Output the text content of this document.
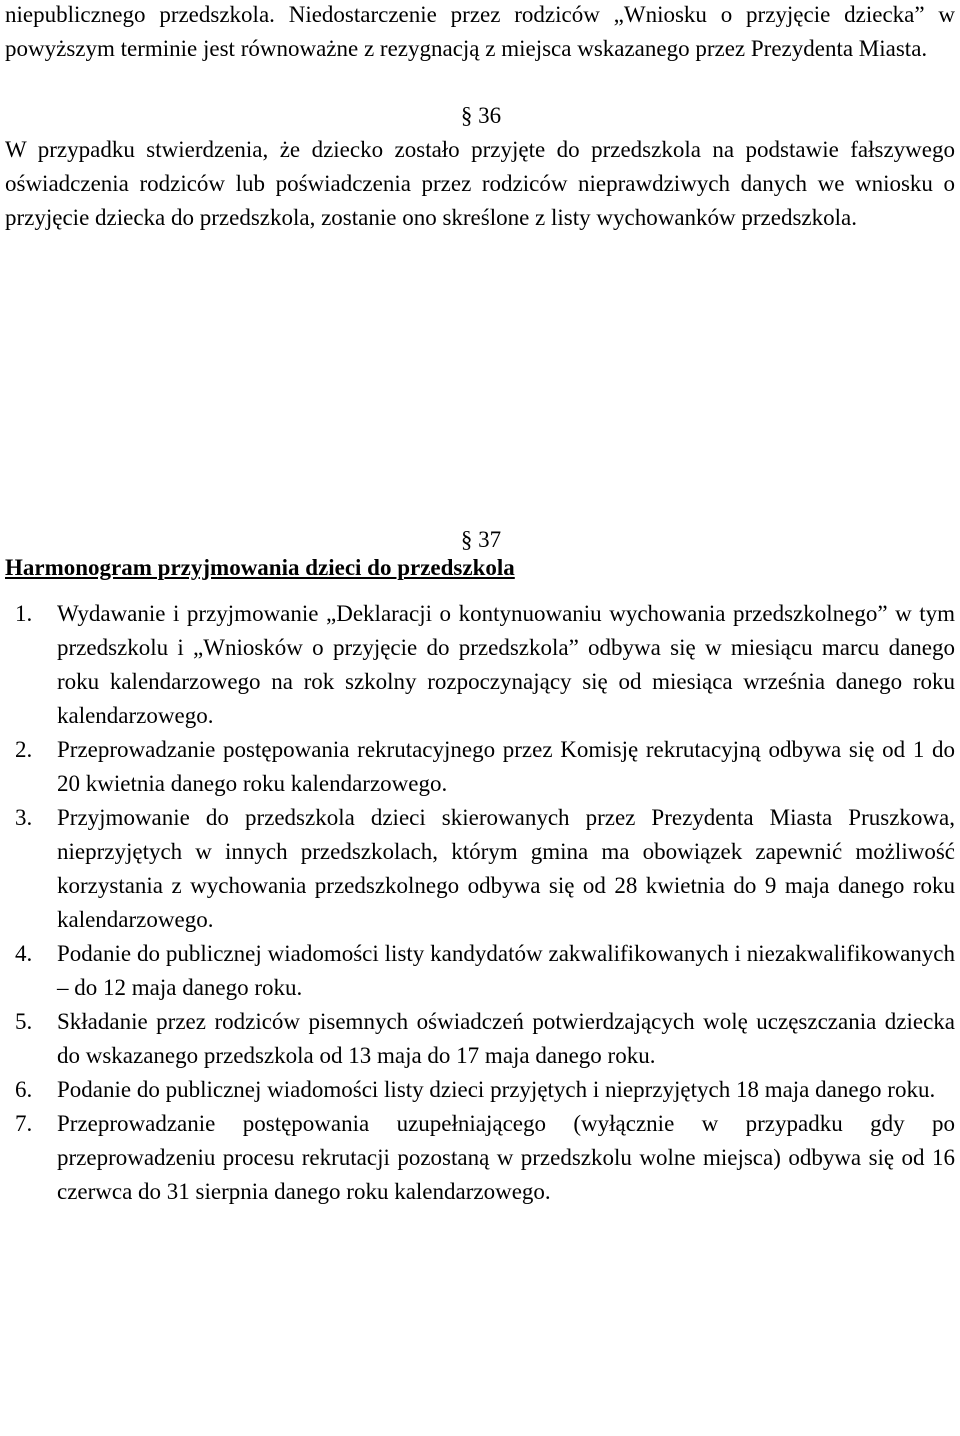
niepublicznego przedszkola. Niedostarczenie przez rodziców „Wniosku o przyjęcie dziecka” w powyższym terminie jest równoważne z rezygnacją z miejsca wskazanego przez Prezydenta Miasta.

§ 36

W przypadku stwierdzenia, że dziecko zostało przyjęte do przedszkola na podstawie fałszywego oświadczenia rodziców lub poświadczenia przez rodziców nieprawdziwych danych we wniosku o przyjęcie dziecka do przedszkola, zostanie ono skreślone z listy wychowanków przedszkola.

§ 37

Harmonogram przyjmowania dzieci do przedszkola

1. Wydawanie i przyjmowanie „Deklaracji o kontynuowaniu wychowania przedszkolnego” w tym przedszkolu i „Wniosków o przyjęcie do przedszkola” odbywa się w miesiącu marcu danego roku kalendarzowego na rok szkolny rozpoczynający się od miesiąca września danego roku kalendarzowego.
2. Przeprowadzanie postępowania rekrutacyjnego przez Komisję rekrutacyjną odbywa się od 1 do 20 kwietnia danego roku kalendarzowego.
3. Przyjmowanie do przedszkola dzieci skierowanych przez Prezydenta Miasta Pruszkowa, nieprzyjętych w innych przedszkolach, którym gmina ma obowiązek zapewnić możliwość korzystania z wychowania przedszkolnego odbywa się od 28 kwietnia do 9 maja danego roku kalendarzowego.
4. Podanie do publicznej wiadomości listy kandydatów zakwalifikowanych i niezakwalifikowanych – do 12 maja danego roku.
5. Składanie przez rodziców pisemnych oświadczeń potwierdzających wolę uczęszczania dziecka do wskazanego przedszkola od 13 maja do 17 maja danego roku.
6. Podanie do publicznej wiadomości listy dzieci przyjętych i nieprzyjętych 18 maja danego roku.
7. Przeprowadzanie postępowania uzupełniającego (wyłącznie w przypadku gdy po przeprowadzeniu procesu rekrutacji pozostaną w przedszkolu wolne miejsca) odbywa się od 16 czerwca do 31 sierpnia danego roku kalendarzowego.
